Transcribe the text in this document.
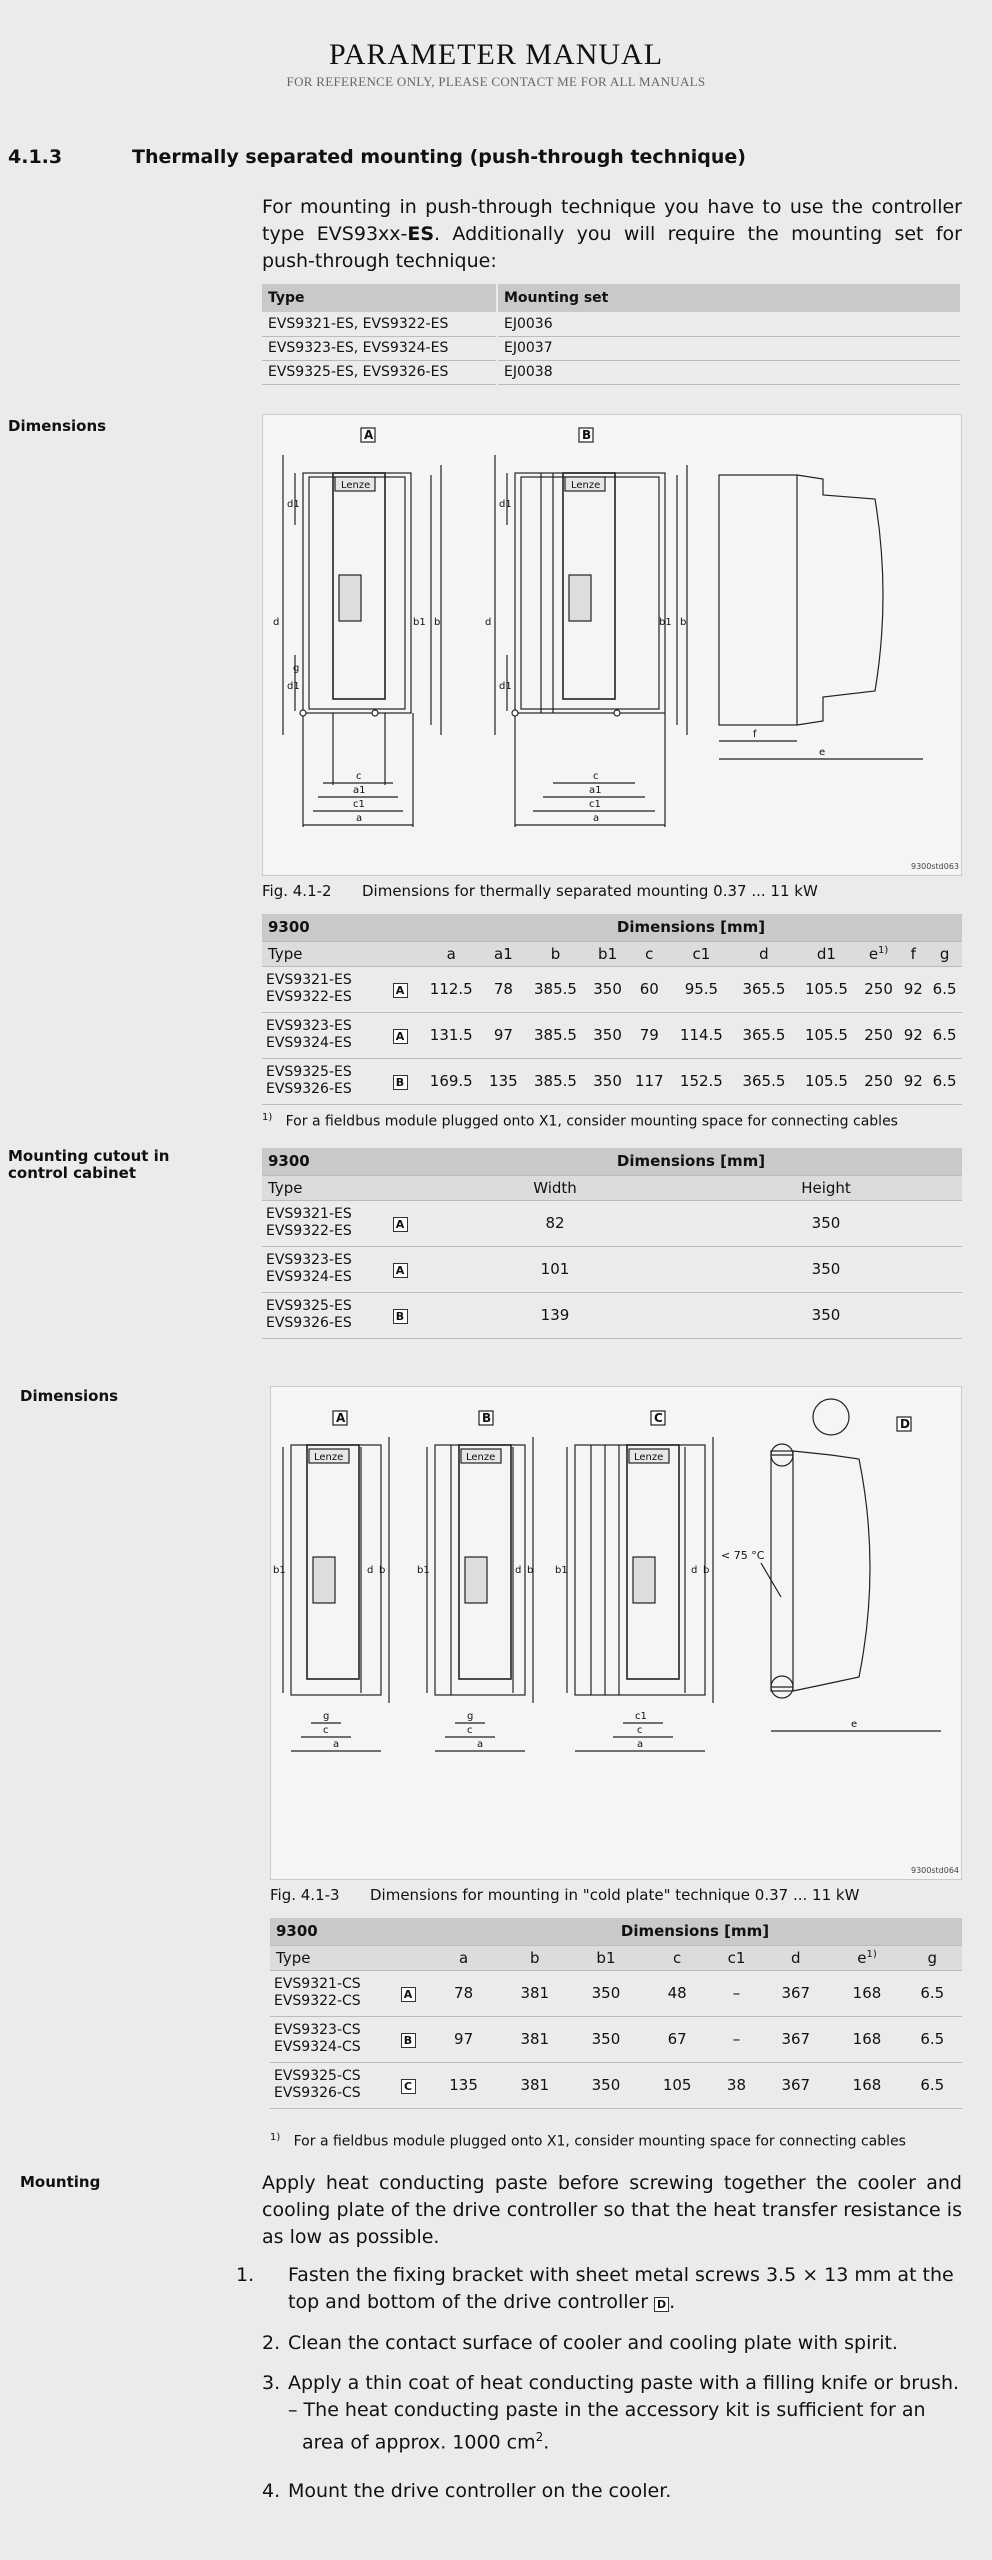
PARAMETER MANUAL
FOR REFERENCE ONLY, PLEASE CONTACT ME FOR ALL MANUALS
4.1.3	Thermally separated mounting (push-through technique)
For mounting in push-through technique you have to use the controller type EVS93xx-ES. Additionally you will require the mounting set for push-through technique:
Type	Mounting set
EVS9321-ES, EVS9322-ES	EJ0036
EVS9323-ES, EVS9324-ES	EJ0037
EVS9325-ES, EVS9326-ES	EJ0038
Dimensions	A	B
Lenze	Lenze
d1
d
d1
g
b1 b
c
a1
c1
a
d1
d
d1
b1 b
c
a1
c1
a
f
e
9300std063
Fig. 4.1-2 Dimensions for thermally separated mounting 0.37 ... 11 kW
9300		Dimensions [mm]										
Type		a	a1	b	b1	c	c1	d	d1	$e^{1)}$	f	g

EVS9321-ES
EVS9322-ES	A	112.5	78	385.5	350	60	95.5	365.5	105.5	250	92	6.5

EVS9323-ES
EVS9324-ES	A	131.5	97	385.5	350	79	114.5	365.5	105.5	250	92	6.5

EVS9325-ES
EVS9326-ES	B	169.5	135	385.5	350	117	152.5	365.5	105.5	250	92	6.5
$^{1)}$ For a fieldbus module plugged onto X1, consider mounting space for connecting cables
Mounting cutout in control cabinet
9300		Dimensions [mm]	
Type		Width	Height

EVS9321-ES
EVS9322-ES	A	82	350

EVS9323-ES
EVS9324-ES	A	101	350

EVS9325-ES
EVS9326-ES	B	139	350
Dimensions
A	B	C	D
Lenze	Lenze	Lenze
b1	d b	b1	d b b1	d b
g
c
a
g
c
a
c1
c
a
< 75 °C
e
9300std064
Fig. 4.1-3 Dimensions for mounting in "cold plate" technique 0.37 ... 11 kW
9300		Dimensions [mm]							
Type		a	b	b1	c	c1	d	$e^{1)}$	g

EVS9321-CS
EVS9322-CS	A	78	381	350	48	–	367	168	6.5

EVS9323-CS
EVS9324-CS	B	97	381	350	67	–	367	168	6.5

EVS9325-CS
EVS9326-CS	C	135	381	350	105	38	367	168	6.5
$^{1)}$ For a fieldbus module plugged onto X1, consider mounting space for connecting cables
Mounting	Apply heat conducting paste before screwing together the cooler and cooling plate of the drive controller so that the heat transfer resistance is as low as possible.
1. Fasten the fixing bracket with sheet metal screws 3.5 × 13 mm at the top and bottom of the drive controller D .
2. Clean the contact surface of cooler and cooling plate with spirit.
3. Apply a thin coat of heat conducting paste with a filling knife or brush.
– The heat conducting paste in the accessory kit is sufficient for an area of approx. 1000 $cm^2$.
4. Mount the drive controller on the cooler.
